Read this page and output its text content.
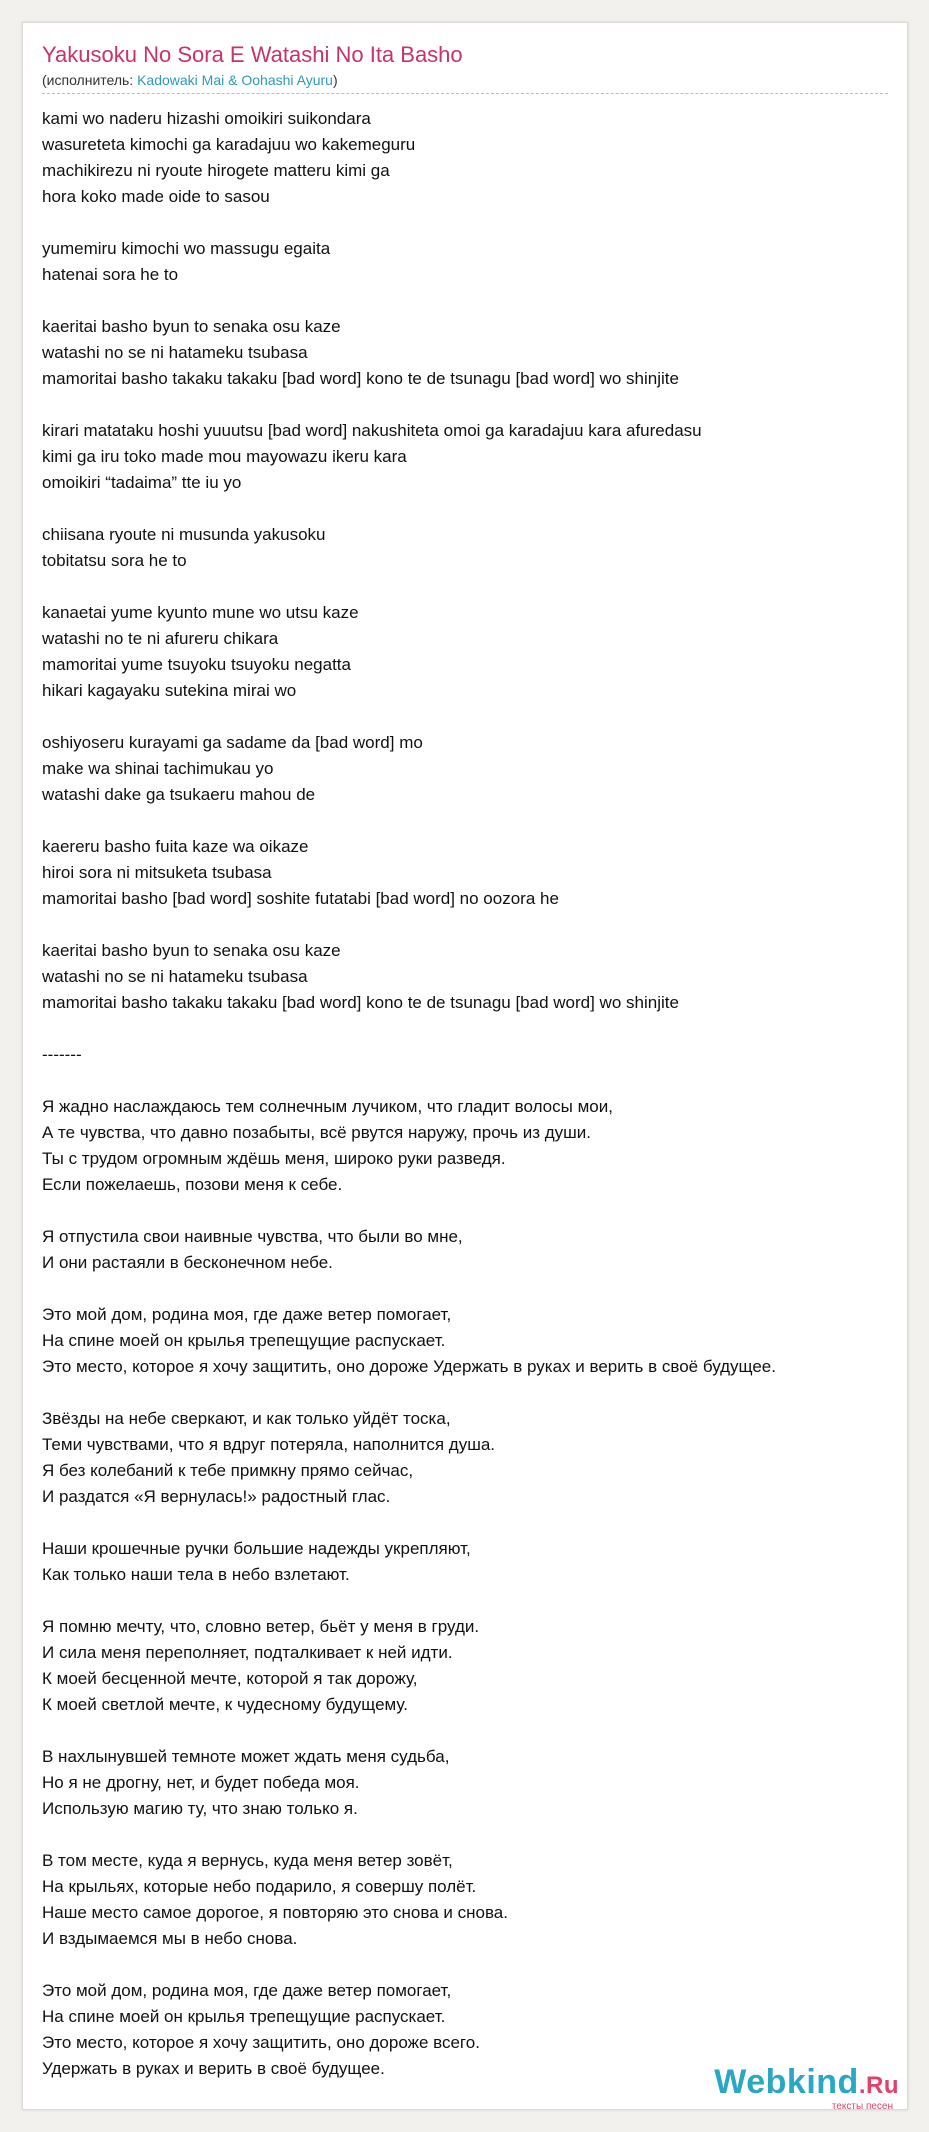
Yakusoku No Sora E Watashi No Ita Basho
(исполнитель: Kadowaki Mai & Oohashi Ayuru)
kami wo naderu hizashi omoikiri suikondara
wasureteta kimochi ga karadajuu wo kakemeguru
machikirezu ni ryoute hirogete matteru kimi ga
hora koko made oide to sasou
yumemiru kimochi wo massugu egaita
hatenai sora he to
kaeritai basho byun to senaka osu kaze
watashi no se ni hatameku tsubasa
mamoritai basho takaku takaku [bad word] kono te de tsunagu [bad word] wo shinjite
kirari matataku hoshi yuuutsu [bad word] nakushiteta omoi ga karadajuu kara afuredasu
kimi ga iru toko made mou mayowazu ikeru kara
omoikiri “tadaima” tte iu yo
chiisana ryoute ni musunda yakusoku
tobitatsu sora he to
kanaetai yume kyunto mune wo utsu kaze
watashi no te ni afureru chikara
mamoritai yume tsuyoku tsuyoku negatta
hikari kagayaku sutekina mirai wo
oshiyoseru kurayami ga sadame da [bad word] mo
make wa shinai tachimukau yo
watashi dake ga tsukaeru mahou de
kaereru basho fuita kaze wa oikaze
hiroi sora ni mitsuketa tsubasa
mamoritai basho [bad word] soshite futatabi [bad word] no oozora he
kaeritai basho byun to senaka osu kaze
watashi no se ni hatameku tsubasa
mamoritai basho takaku takaku [bad word] kono te de tsunagu [bad word] wo shinjite
-------
Я жадно наслаждаюсь тем солнечным лучиком, что гладит волосы мои,
А те чувства, что давно позабыты, всё рвутся наружу, прочь из души.
Ты с трудом огромным ждёшь меня, широко руки разведя.
Если пожелаешь, позови меня к себе.
Я отпустила свои наивные чувства, что были во мне,
И они растаяли в бесконечном небе.
Это мой дом, родина моя, где даже ветер помогает,
На спине моей он крылья трепещущие распускает.
Это место, которое я хочу защитить, оно дороже Удержать в руках и верить в своё будущее.
Звёзды на небе сверкают, и как только уйдёт тоска,
Теми чувствами, что я вдруг потеряла, наполнится душа.
Я без колебаний к тебе примкну прямо сейчас,
И раздатся «Я вернулась!» радостный глас.
Наши крошечные ручки большие надежды укрепляют,
Как только наши тела в небо взлетают.
Я помню мечту, что, словно ветер, бьёт у меня в груди.
И сила меня переполняет, подталкивает к ней идти.
К моей бесценной мечте, которой я так дорожу,
К моей светлой мечте, к чудесному будущему.
В нахлынувшей темноте может ждать меня судьба,
Но я не дрогну, нет, и будет победа моя.
Использую магию ту, что знаю только я.
В том месте, куда я вернусь, куда меня ветер зовёт,
На крыльях, которые небо подарило, я совершу полёт.
Наше место самое дорогое, я повторяю это снова и снова.
И вздымаемся мы в небо снова.
Это мой дом, родина моя, где даже ветер помогает,
На спине моей он крылья трепещущие распускает.
Это место, которое я хочу защитить, оно дороже всего.
Удержать в руках и верить в своё будущее.	Webkind.Ru
тексты песен
